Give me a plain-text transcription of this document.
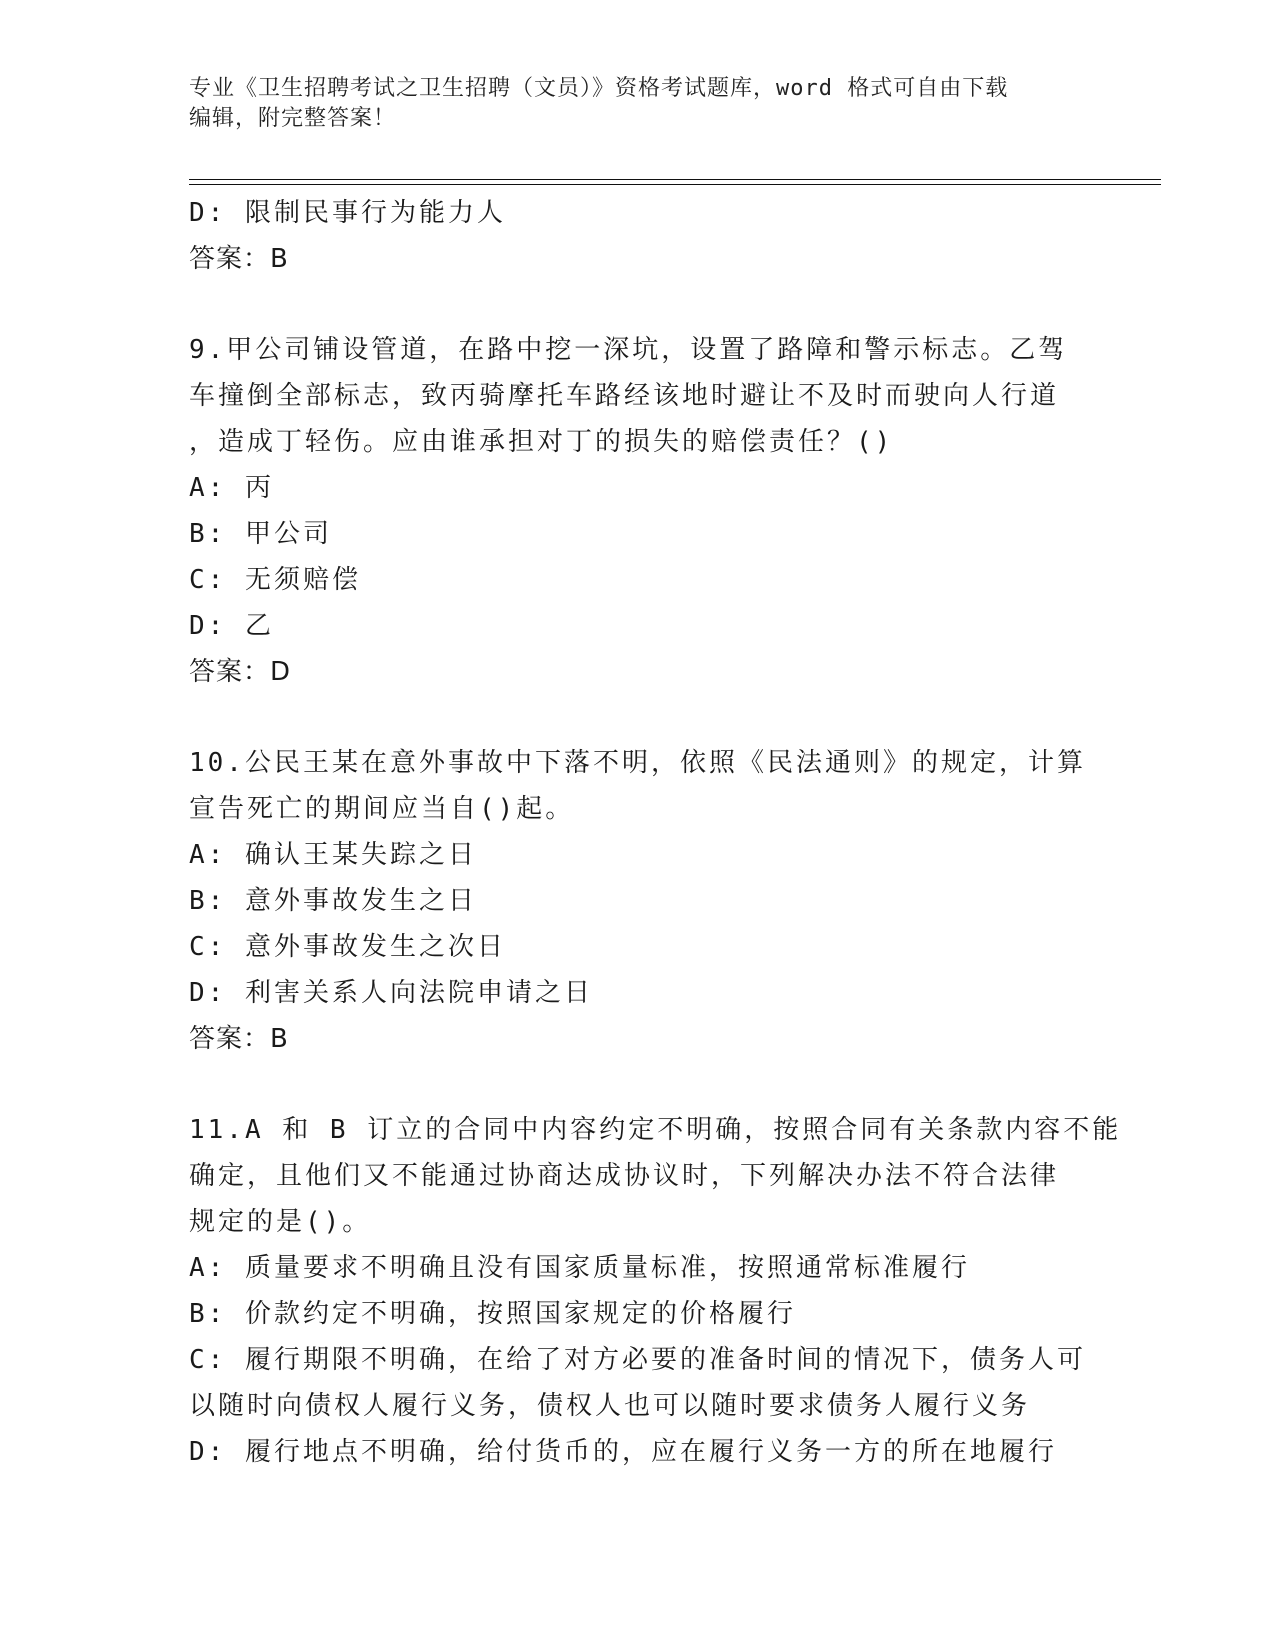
专业《卫生招聘考试之卫生招聘（文员）》资格考试题库，word 格式可自由下载
编辑，附完整答案！
D: 限制民事行为能力人
答案：B
9.甲公司铺设管道，在路中挖一深坑，设置了路障和警示标志。乙驾
车撞倒全部标志，致丙骑摩托车路经该地时避让不及时而驶向人行道
，造成丁轻伤。应由谁承担对丁的损失的赔偿责任？()
A: 丙
B: 甲公司
C: 无须赔偿
D: 乙
答案：D
10.公民王某在意外事故中下落不明，依照《民法通则》的规定，计算
宣告死亡的期间应当自()起。
A: 确认王某失踪之日
B: 意外事故发生之日
C: 意外事故发生之次日
D: 利害关系人向法院申请之日
答案：B
11.A 和 B 订立的合同中内容约定不明确，按照合同有关条款内容不能
确定，且他们又不能通过协商达成协议时，下列解决办法不符合法律
规定的是()。
A: 质量要求不明确且没有国家质量标准，按照通常标准履行
B: 价款约定不明确，按照国家规定的价格履行
C: 履行期限不明确，在给了对方必要的准备时间的情况下，债务人可
以随时向债权人履行义务，债权人也可以随时要求债务人履行义务
D: 履行地点不明确，给付货币的，应在履行义务一方的所在地履行
